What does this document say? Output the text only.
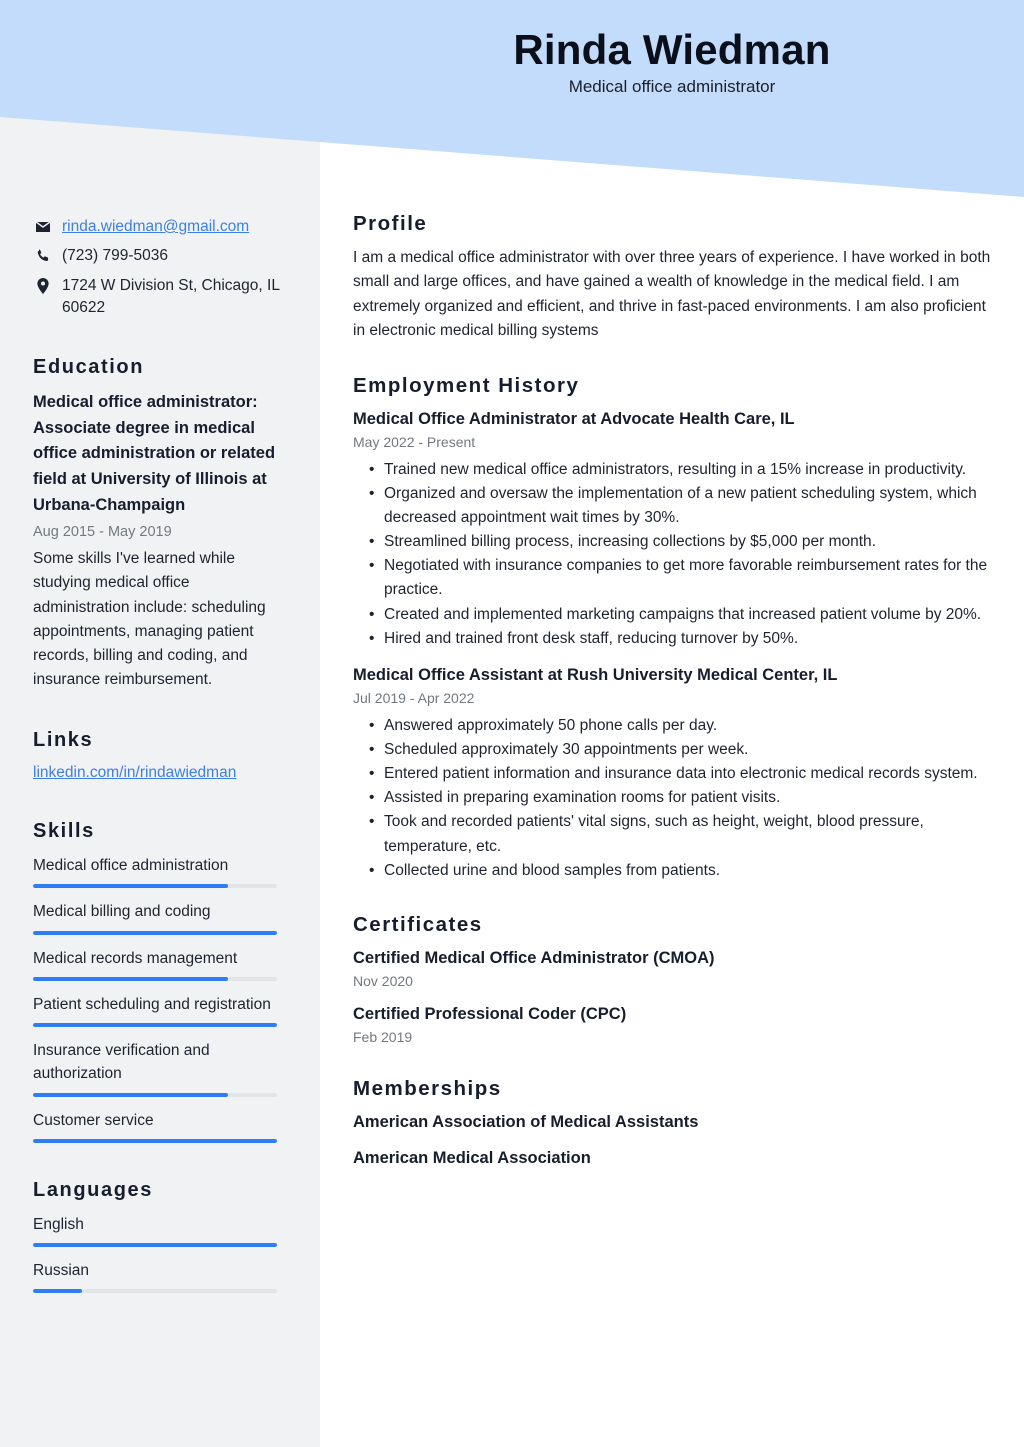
Rinda Wiedman
Medical office administrator
rinda.wiedman@gmail.com
(723) 799-5036
1724 W Division St, Chicago, IL 60622
Education
Medical office administrator: Associate degree in medical office administration or related field at University of Illinois at Urbana-Champaign
Aug 2015 - May 2019
Some skills I've learned while studying medical office administration include: scheduling appointments, managing patient records, billing and coding, and insurance reimbursement.
Links
linkedin.com/in/rindawiedman
Skills
Medical office administration
Medical billing and coding
Medical records management
Patient scheduling and registration
Insurance verification and authorization
Customer service
Languages
English
Russian
Profile
I am a medical office administrator with over three years of experience. I have worked in both small and large offices, and have gained a wealth of knowledge in the medical field. I am extremely organized and efficient, and thrive in fast-paced environments. I am also proficient in electronic medical billing systems
Employment History
Medical Office Administrator at Advocate Health Care, IL
May 2022 - Present
• Trained new medical office administrators, resulting in a 15% increase in productivity.
• Organized and oversaw the implementation of a new patient scheduling system, which decreased appointment wait times by 30%.
• Streamlined billing process, increasing collections by $5,000 per month.
• Negotiated with insurance companies to get more favorable reimbursement rates for the practice.
• Created and implemented marketing campaigns that increased patient volume by 20%.
• Hired and trained front desk staff, reducing turnover by 50%.
Medical Office Assistant at Rush University Medical Center, IL
Jul 2019 - Apr 2022
• Answered approximately 50 phone calls per day.
• Scheduled approximately 30 appointments per week.
• Entered patient information and insurance data into electronic medical records system.
• Assisted in preparing examination rooms for patient visits.
• Took and recorded patients' vital signs, such as height, weight, blood pressure, temperature, etc.
• Collected urine and blood samples from patients.
Certificates
Certified Medical Office Administrator (CMOA)
Nov 2020
Certified Professional Coder (CPC)
Feb 2019
Memberships
American Association of Medical Assistants
American Medical Association
